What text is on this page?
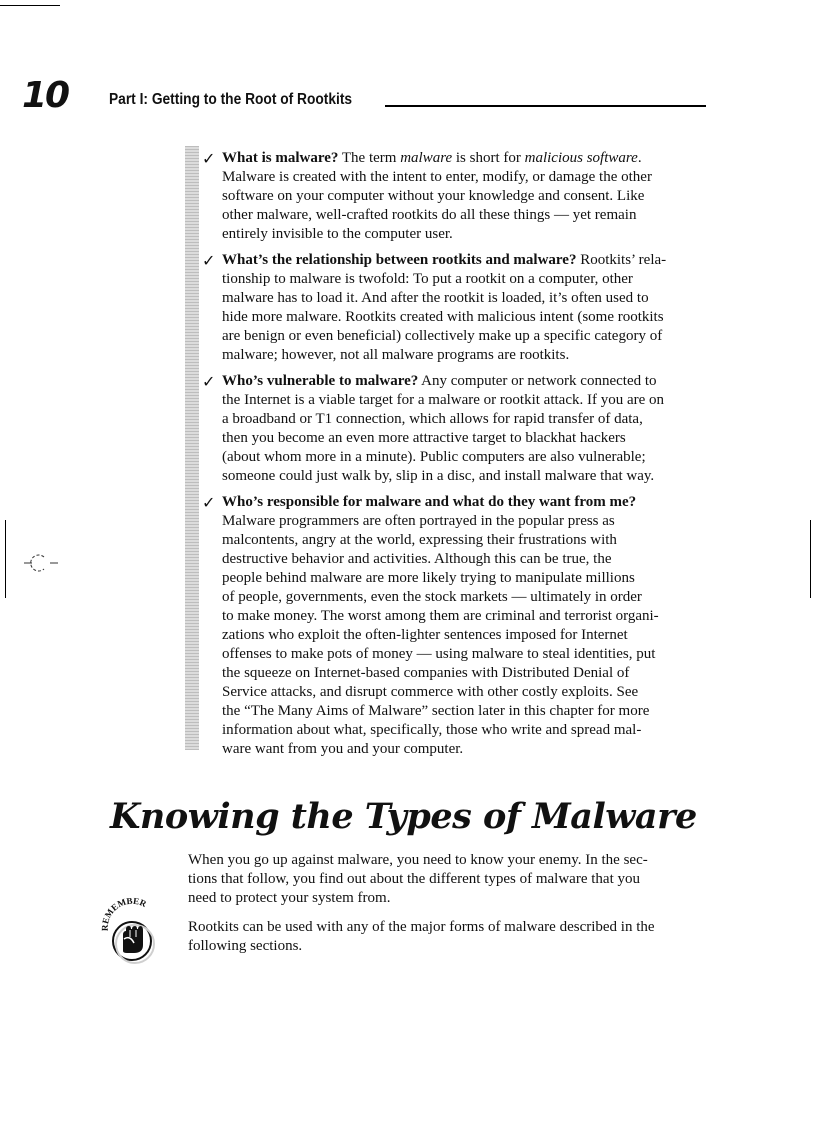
10	Part I: Getting to the Root of Rootkits
✓ What is malware? The term malware is short for malicious software.

Malware is created with the intent to enter, modify, or damage the other

software on your computer without your knowledge and consent. Like

other malware, well-crafted rootkits do all these things — yet remain

entirely invisible to the computer user.

✓ What’s the relationship between rootkits and malware? Rootkits’ rela-

tionship to malware is twofold: To put a rootkit on a computer, other

malware has to load it. And after the rootkit is loaded, it’s often used to

hide more malware. Rootkits created with malicious intent (some rootkits

are benign or even beneficial) collectively make up a specific category of

malware; however, not all malware programs are rootkits.

✓ Who’s vulnerable to malware? Any computer or network connected to

the Internet is a viable target for a malware or rootkit attack. If you are on

a broadband or T1 connection, which allows for rapid transfer of data,

then you become an even more attractive target to blackhat hackers

(about whom more in a minute). Public computers are also vulnerable;

someone could just walk by, slip in a disc, and install malware that way.

✓ Who’s responsible for malware and what do they want from me?

Malware programmers are often portrayed in the popular press as

malcontents, angry at the world, expressing their frustrations with

destructive behavior and activities. Although this can be true, the

people behind malware are more likely trying to manipulate millions

of people, governments, even the stock markets — ultimately in order

to make money. The worst among them are criminal and terrorist organi-

zations who exploit the often-lighter sentences imposed for Internet

offenses to make pots of money — using malware to steal identities, put

the squeeze on Internet-based companies with Distributed Denial of

Service attacks, and disrupt commerce with other costly exploits. See

the “The Many Aims of Malware” section later in this chapter for more

information about what, specifically, those who write and spread mal-

ware want from you and your computer.

Knowing the Types of Malware
REMEMBER

When you go up against malware, you need to know your enemy. In the sec-
tions that follow, you find out about the different types of malware that you
need to protect your system from.

Rootkits can be used with any of the major forms of malware described in the
following sections.
